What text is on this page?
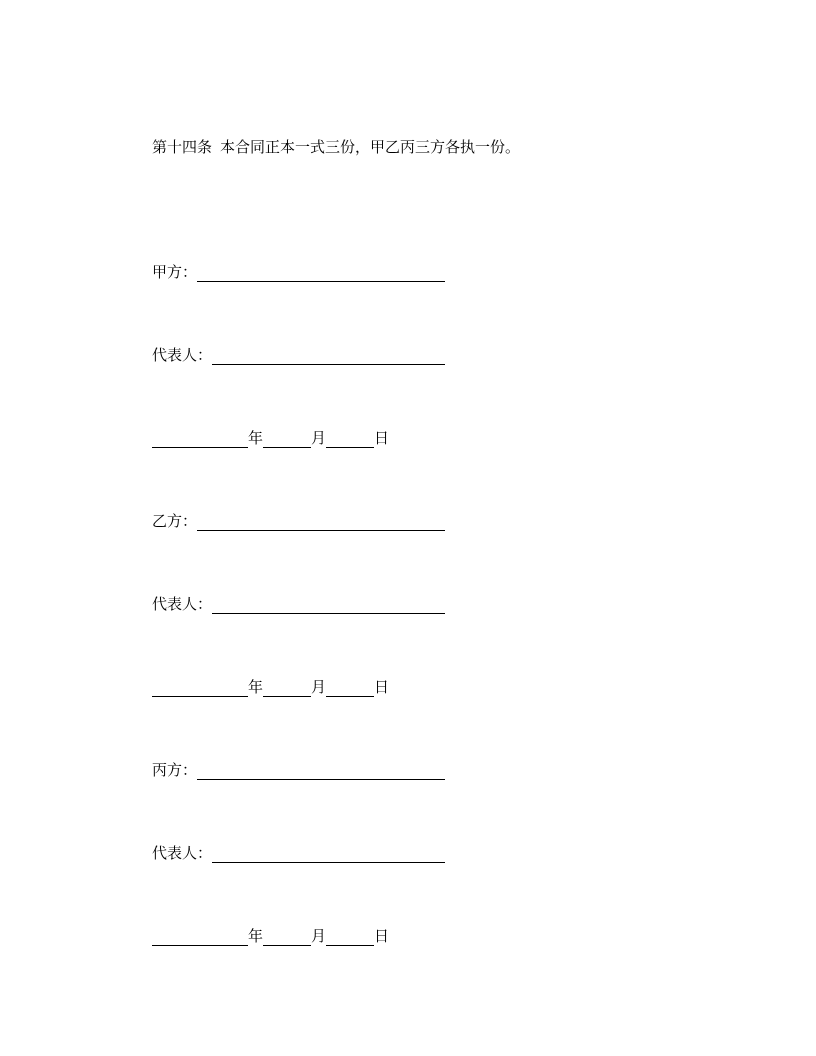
第十四条 本合同正本一式三份，甲乙丙三方各执一份。
甲方：
代表人：
年	月	日
乙方：
代表人：
年	月	日
丙方：
代表人：
年	月	日
